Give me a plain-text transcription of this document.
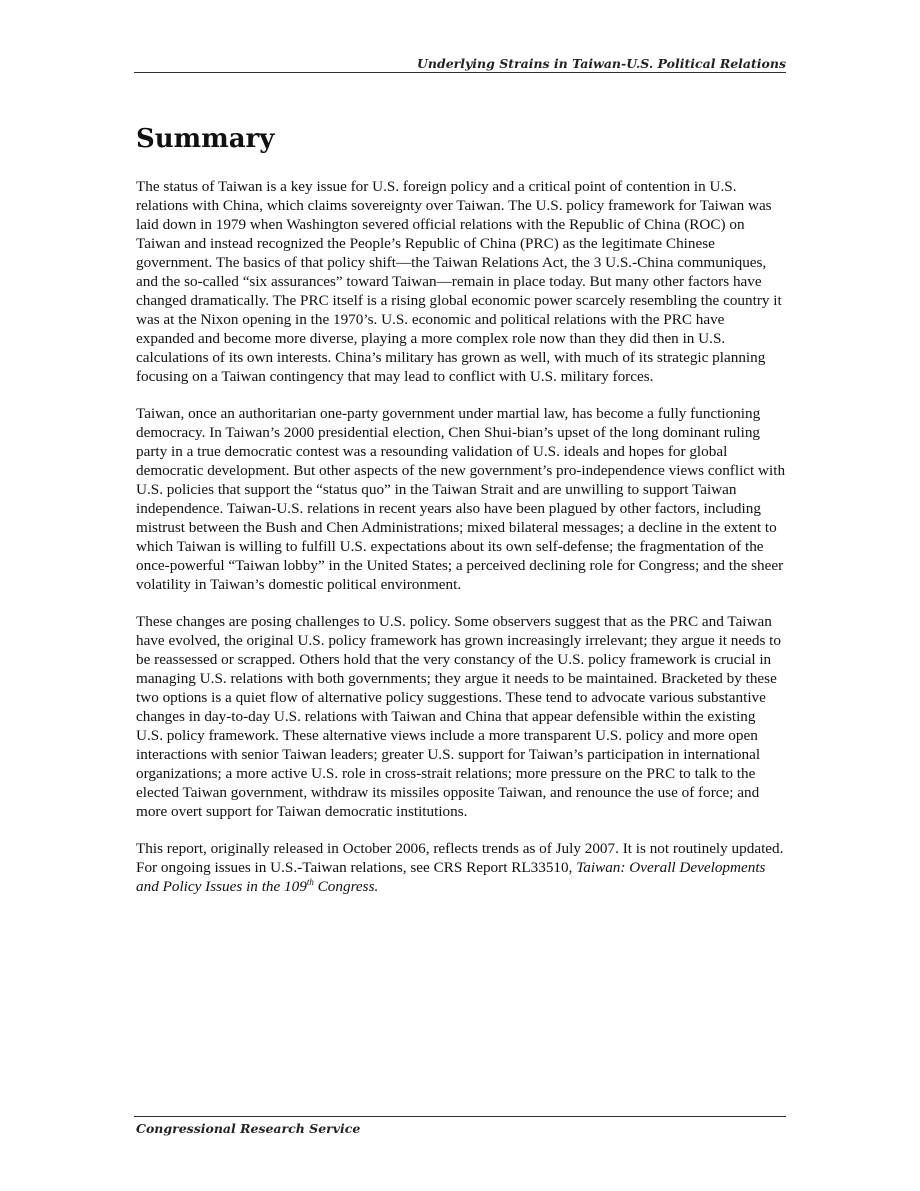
Underlying Strains in Taiwan-U.S. Political Relations
Summary

The status of Taiwan is a key issue for U.S. foreign policy and a critical point of contention in U.S. relations with China, which claims sovereignty over Taiwan. The U.S. policy framework for Taiwan was laid down in 1979 when Washington severed official relations with the Republic of China (ROC) on Taiwan and instead recognized the People’s Republic of China (PRC) as the legitimate Chinese government. The basics of that policy shift—the Taiwan Relations Act, the 3 U.S.-China communiques, and the so-called “six assurances” toward Taiwan—remain in place today. But many other factors have changed dramatically. The PRC itself is a rising global economic power scarcely resembling the country it was at the Nixon opening in the 1970’s. U.S. economic and political relations with the PRC have expanded and become more diverse, playing a more complex role now than they did then in U.S. calculations of its own interests. China’s military has grown as well, with much of its strategic planning focusing on a Taiwan contingency that may lead to conflict with U.S. military forces.

Taiwan, once an authoritarian one-party government under martial law, has become a fully functioning democracy. In Taiwan’s 2000 presidential election, Chen Shui-bian’s upset of the long dominant ruling party in a true democratic contest was a resounding validation of U.S. ideals and hopes for global democratic development. But other aspects of the new government’s pro-independence views conflict with U.S. policies that support the “status quo” in the Taiwan Strait and are unwilling to support Taiwan independence. Taiwan-U.S. relations in recent years also have been plagued by other factors, including mistrust between the Bush and Chen Administrations; mixed bilateral messages; a decline in the extent to which Taiwan is willing to fulfill U.S. expectations about its own self-defense; the fragmentation of the once-powerful “Taiwan lobby” in the United States; a perceived declining role for Congress; and the sheer volatility in Taiwan’s domestic political environment.

These changes are posing challenges to U.S. policy. Some observers suggest that as the PRC and Taiwan have evolved, the original U.S. policy framework has grown increasingly irrelevant; they argue it needs to be reassessed or scrapped. Others hold that the very constancy of the U.S. policy framework is crucial in managing U.S. relations with both governments; they argue it needs to be maintained. Bracketed by these two options is a quiet flow of alternative policy suggestions. These tend to advocate various substantive changes in day-to-day U.S. relations with Taiwan and China that appear defensible within the existing U.S. policy framework. These alternative views include a more transparent U.S. policy and more open interactions with senior Taiwan leaders; greater U.S. support for Taiwan’s participation in international organizations; a more active U.S. role in cross-strait relations; more pressure on the PRC to talk to the elected Taiwan government, withdraw its missiles opposite Taiwan, and renounce the use of force; and more overt support for Taiwan democratic institutions.

This report, originally released in October 2006, reflects trends as of July 2007. It is not routinely updated. For ongoing issues in U.S.-Taiwan relations, see CRS Report RL33510, Taiwan: Overall Developments and Policy Issues in the 109th Congress.

Congressional Research Service
